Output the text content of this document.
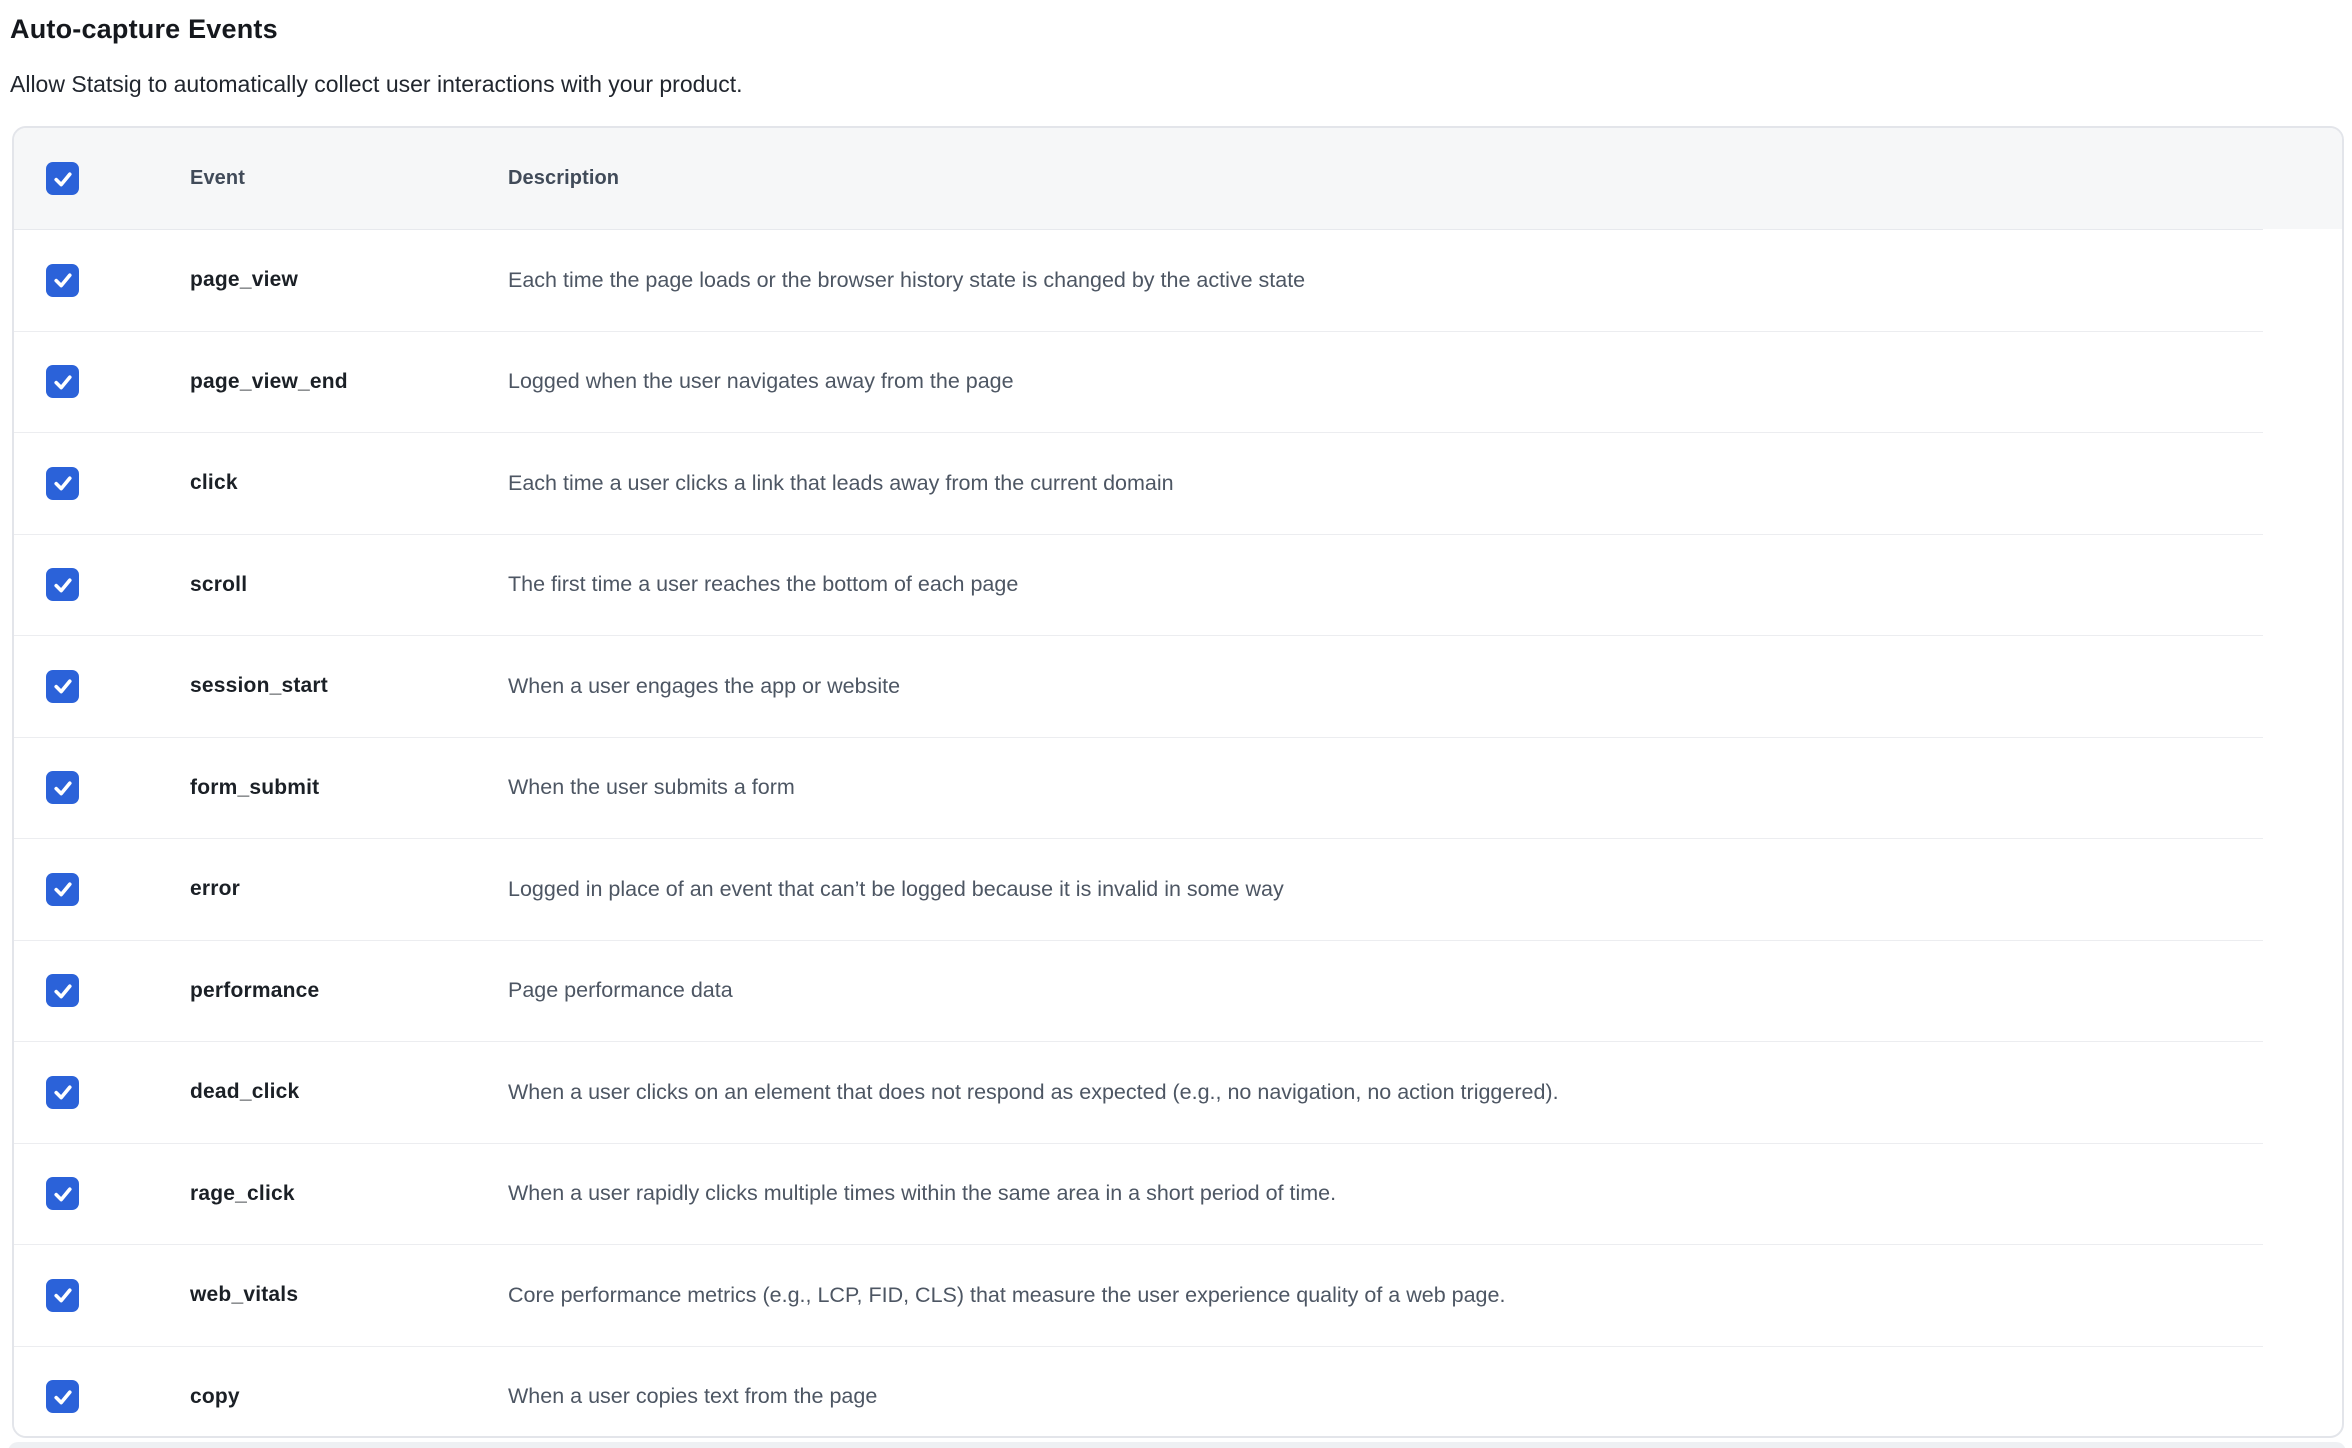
Auto-capture Events

Allow Statsig to automatically collect user interactions with your product.

Event	Description
page_view	Each time the page loads or the browser history state is changed by the active state
page_view_end	Logged when the user navigates away from the page
click	Each time a user clicks a link that leads away from the current domain
scroll	The first time a user reaches the bottom of each page
session_start	When a user engages the app or website
form_submit	When the user submits a form
error	Logged in place of an event that can’t be logged because it is invalid in some way
performance	Page performance data
dead_click	When a user clicks on an element that does not respond as expected (e.g., no navigation, no action triggered).
rage_click	When a user rapidly clicks multiple times within the same area in a short period of time.
web_vitals	Core performance metrics (e.g., LCP, FID, CLS) that measure the user experience quality of a web page.
copy	When a user copies text from the page
